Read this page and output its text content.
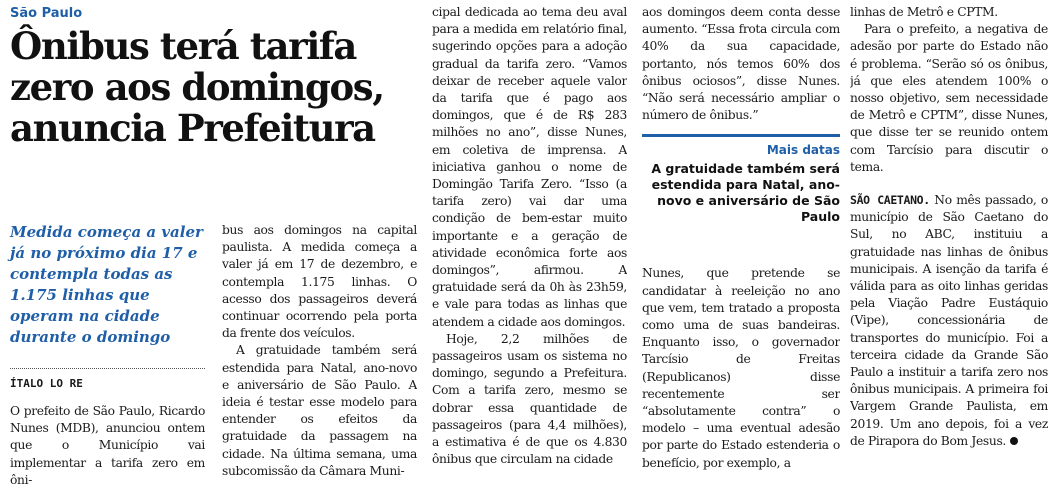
São Paulo

Ônibus terá tarifa zero aos domingos, anuncia Prefeitura

Medida começa a valer já no próximo dia 17 e contempla todas as 1.175 linhas que operam na cidade durante o domingo

ÍTALO LO RE

O prefeito de São Paulo, Ricardo Nunes (MDB), anunciou ontem que o Município vai implementar a tarifa zero em ôni-

bus aos domingos na capital paulista. A medida começa a valer já em 17 de dezembro, e contempla 1.175 linhas. O acesso dos passageiros deverá continuar ocorrendo pela porta da frente dos veículos.

A gratuidade também será estendida para Natal, ano-novo e aniversário de São Paulo. A ideia é testar esse modelo para entender os efeitos da gratuidade da passagem na cidade. Na última semana, uma subcomissão da Câmara Muni-

cipal dedicada ao tema deu aval para a medida em relatório final, sugerindo opções para a adoção gradual da tarifa zero. “Vamos deixar de receber aquele valor da tarifa que é pago aos domingos, que é de R$ 283 milhões no ano”, disse Nunes, em coletiva de imprensa. A iniciativa ganhou o nome de Domingão Tarifa Zero. “Isso (a tarifa zero) vai dar uma condição de bem-estar muito importante e a geração de atividade econômica forte aos domingos”, afirmou. A gratuidade será da 0h às 23h59, e vale para todas as linhas que atendem a cidade aos domingos.

Hoje, 2,2 milhões de passageiros usam os sistema no domingo, segundo a Prefeitura. Com a tarifa zero, mesmo se dobrar essa quantidade de passageiros (para 4,4 milhões), a estimativa é de que os 4.830 ônibus que circulam na cidade

aos domingos deem conta desse aumento. “Essa frota circula com 40% da sua capacidade, portanto, nós temos 60% dos ônibus ociosos”, disse Nunes. “Não será necessário ampliar o número de ônibus.”

Mais datas

A gratuidade também será estendida para Natal, ano-novo e aniversário de São Paulo

Nunes, que pretende se candidatar à reeleição no ano que vem, tem tratado a proposta como uma de suas bandeiras. Enquanto isso, o governador Tarcísio de Freitas (Republicanos) disse recentemente ser “absolutamente contra” o modelo – uma eventual adesão por parte do Estado estenderia o benefício, por exemplo, a

linhas de Metrô e CPTM.

Para o prefeito, a negativa de adesão por parte do Estado não é problema. “Serão só os ônibus, já que eles atendem 100% o nosso objetivo, sem necessidade de Metrô e CPTM”, disse Nunes, que disse ter se reunido ontem com Tarcísio para discutir o tema.

SÃO CAETANO. No mês passado, o município de São Caetano do Sul, no ABC, instituiu a gratuidade nas linhas de ônibus municipais. A isenção da tarifa é válida para as oito linhas geridas pela Viação Padre Eustáquio (Vipe), concessionária de transportes do município. Foi a terceira cidade da Grande São Paulo a instituir a tarifa zero nos ônibus municipais. A primeira foi Vargem Grande Paulista, em 2019. Um ano depois, foi a vez de Pirapora do Bom Jesus.
